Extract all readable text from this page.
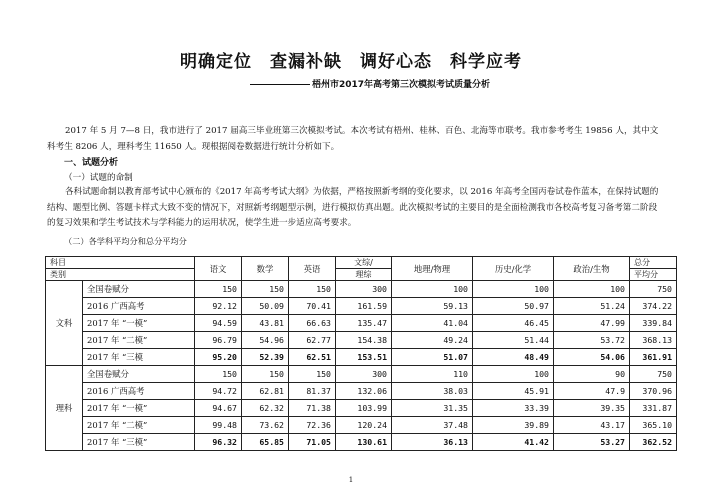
明确定位　查漏补缺　调好心态　科学应考
梧州市2017年高考第三次模拟考试质量分析
2017 年 5 月 7—8 日，我市进行了 2017 届高三毕业班第三次模拟考试。本次考试有梧州、桂林、百色、北海等市联考。我市参考考生 19856 人，其中文科考生 8206 人，理科考生 11650 人。现根据阅卷数据进行统计分析如下。
一、试题分析
（一）试题的命制
各科试题命制以教育部考试中心颁布的《2017 年高考考试大纲》为依据，严格按照新考纲的变化要求，以 2016 年高考全国丙卷试卷作蓝本，在保持试题的结构、题型比例、答题卡样式大致不变的情况下，对照新考纲题型示例，进行模拟仿真出题。此次模拟考试的主要目的是全面检测我市各校高考复习备考第二阶段的复习效果和学生考试技术与学科能力的运用状况，使学生进一步适应高考要求。
（二）各学科平均分和总分平均分
科目		语文	数学	英语	文综/	地理/物理	历史/化学	政治/生物	总分
类别					理综				平均分
文科	全国卷赋分	150	150	150	300	100	100	100	750
	2016 广西高考	92.12	50.09	70.41	161.59	59.13	50.97	51.24	374.22
	2017 年 “一模”	94.59	43.81	66.63	135.47	41.04	46.45	47.99	339.84
	2017 年 “二模”	96.79	54.96	62.77	154.38	49.24	51.44	53.72	368.13
	2017 年 “三模	95.20	52.39	62.51	153.51	51.07	48.49	54.06	361.91
理科	全国卷赋分	150	150	150	300	110	100	90	750
	2016 广西高考	94.72	62.81	81.37	132.06	38.03	45.91	47.9	370.96
	2017 年 “一模”	94.67	62.32	71.38	103.99	31.35	33.39	39.35	331.87
	2017 年 “二模”	99.48	73.62	72.36	120.24	37.48	39.89	43.17	365.10
	2017 年 “三模”	96.32	65.85	71.05	130.61	36.13	41.42	53.27	362.52
1
